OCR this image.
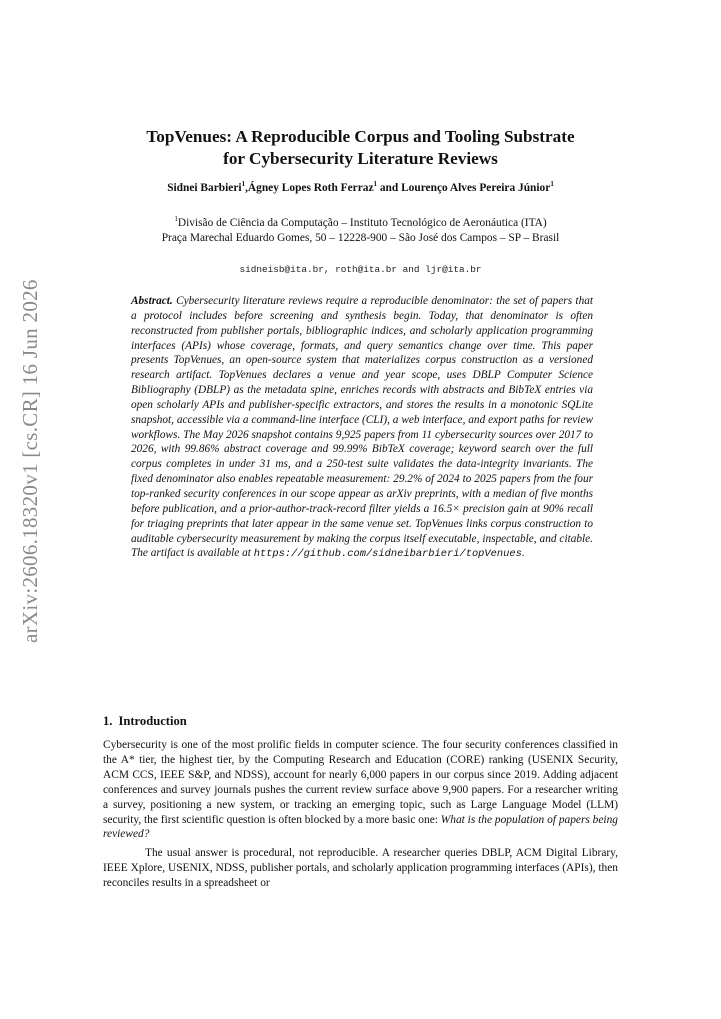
arXiv:2606.18320v1 [cs.CR] 16 Jun 2026
TopVenues: A Reproducible Corpus and Tooling Substrate
for Cybersecurity Literature Reviews
Sidnei Barbieri$^1$,Ágney Lopes Roth Ferraz$^1$ and Lourenço Alves Pereira Júnior$^1$
$^1$Divisão de Ciência da Computação – Instituto Tecnológico de Aeronáutica (ITA)
Praça Marechal Eduardo Gomes, 50 – 12228-900 – São José dos Campos – SP – Brasil
sidneisb@ita.br, roth@ita.br and ljr@ita.br
Abstract. Cybersecurity literature reviews require a reproducible denominator: the set of papers that a protocol includes before screening and synthesis begin. Today, that denominator is often reconstructed from publisher portals, bibliographic indices, and scholarly application programming interfaces (APIs) whose coverage, formats, and query semantics change over time. This paper presents TopVenues, an open-source system that materializes corpus construction as a versioned research artifact. TopVenues declares a venue and year scope, uses DBLP Computer Science Bibliography (DBLP) as the metadata spine, enriches records with abstracts and BibTeX entries via open scholarly APIs and publisher-specific extractors, and stores the results in a monotonic SQLite snapshot, accessible via a command-line interface (CLI), a web interface, and export paths for review workflows. The May 2026 snapshot contains 9,925 papers from 11 cybersecurity sources over 2017 to 2026, with 99.86% abstract coverage and 99.99% BibTeX coverage; keyword search over the full corpus completes in under 31 ms, and a 250-test suite validates the data-integrity invariants. The fixed denominator also enables repeatable measurement: 29.2% of 2024 to 2025 papers from the four top-ranked security conferences in our scope appear as arXiv preprints, with a median of five months before publication, and a prior-author-track-record filter yields a 16.5× precision gain at 90% recall for triaging preprints that later appear in the same venue set. TopVenues links corpus construction to auditable cybersecurity measurement by making the corpus itself executable, inspectable, and citable. The artifact is available at https://github.com/sidneibarbieri/topVenues.
1. Introduction

Cybersecurity is one of the most prolific fields in computer science. The four security conferences classified in the A* tier, the highest tier, by the Computing Research and Education (CORE) ranking (USENIX Security, ACM CCS, IEEE S&P, and NDSS), account for nearly 6,000 papers in our corpus since 2019. Adding adjacent conferences and survey journals pushes the current review surface above 9,900 papers. For a researcher writing a survey, positioning a new system, or tracking an emerging topic, such as Large Language Model (LLM) security, the first scientific question is often blocked by a more basic one: What is the population of papers being reviewed?

The usual answer is procedural, not reproducible. A researcher queries DBLP, ACM Digital Library, IEEE Xplore, USENIX, NDSS, publisher portals, and scholarly application programming interfaces (APIs), then reconciles results in a spreadsheet or
